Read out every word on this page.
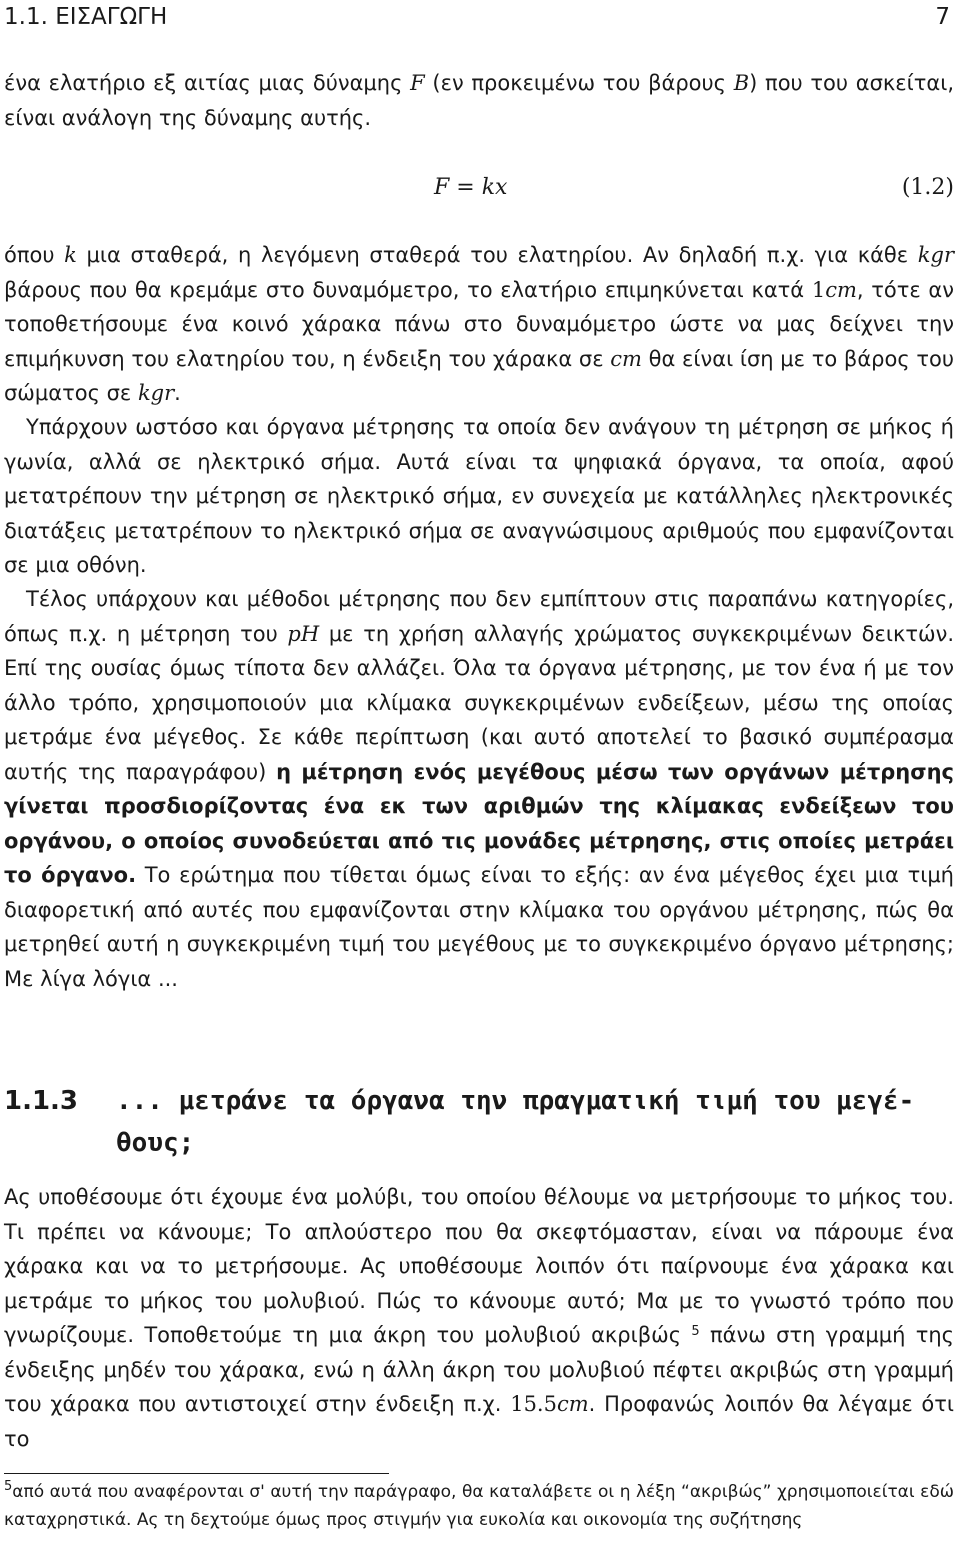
1.1. ΕΙΣΑΓΩΓΗ	7

ένα ελατήριο εξ αιτίας μιας δύναμης F (εν προκειμένω του βάρους B) που του ασκείται, είναι ανάλογη της δύναμης αυτής.

F = kx	(1.2)

όπου k μια σταθερά, η λεγόμενη σταθερά του ελατηρίου. Αν δηλαδή π.χ. για κάθε kgr βάρους που θα κρεμάμε στο δυναμόμετρο, το ελατήριο επιμηκύνεται κατά 1cm, τότε αν τοποθετήσουμε ένα κοινό χάρακα πάνω στο δυναμόμετρο ώστε να μας δείχνει την επιμήκυνση του ελατηρίου του, η ένδειξη του χάρακα σε cm θα είναι ίση με το βάρος του σώματος σε kgr.

Υπάρχουν ωστόσο και όργανα μέτρησης τα οποία δεν ανάγουν τη μέτρηση σε μήκος ή γωνία, αλλά σε ηλεκτρικό σήμα. Αυτά είναι τα ψηφιακά όργανα, τα οποία, αφού μετατρέπουν την μέτρηση σε ηλεκτρικό σήμα, εν συνεχεία με κατάλληλες ηλεκτρονικές διατάξεις μετατρέπουν το ηλεκτρικό σήμα σε αναγνώσιμους αριθμούς που εμφανίζονται σε μια οθόνη.

Τέλος υπάρχουν και μέθοδοι μέτρησης που δεν εμπίπτουν στις παραπάνω κατηγορίες, όπως π.χ. η μέτρηση του pH με τη χρήση αλλαγής χρώματος συγκεκριμένων δεικτών. Επί της ουσίας όμως τίποτα δεν αλλάζει. Όλα τα όργανα μέτρησης, με τον ένα ή με τον άλλο τρόπο, χρησιμοποιούν μια κλίμακα συγκεκριμένων ενδείξεων, μέσω της οποίας μετράμε ένα μέγεθος. Σε κάθε περίπτωση (και αυτό αποτελεί το βασικό συμπέρασμα αυτής της παραγράφου) η μέτρηση ενός μεγέθους μέσω των οργάνων μέτρησης γίνεται προσδιορίζοντας ένα εκ των αριθμών της κλίμακας ενδείξεων του οργάνου, ο οποίος συνοδεύεται από τις μονάδες μέτρησης, στις οποίες μετράει το όργανο. Το ερώτημα που τίθεται όμως είναι το εξής: αν ένα μέγεθος έχει μια τιμή διαφορετική από αυτές που εμφανίζονται στην κλίμακα του οργάνου μέτρησης, πώς θα μετρηθεί αυτή η συγκεκριμένη τιμή του μεγέθους με το συγκεκριμένο όργανο μέτρησης; Με λίγα λόγια ...

1.1.3 ... μετράνε τα όργανα την πραγματική τιμή του μεγέθους;

Ας υποθέσουμε ότι έχουμε ένα μολύβι, του οποίου θέλουμε να μετρήσουμε το μήκος του. Τι πρέπει να κάνουμε; Το απλούστερο που θα σκεφτόμασταν, είναι να πάρουμε ένα χάρακα και να το μετρήσουμε. Ας υποθέσουμε λοιπόν ότι παίρνουμε ένα χάρακα και μετράμε το μήκος του μολυβιού. Πώς το κάνουμε αυτό; Μα με το γνωστό τρόπο που γνωρίζουμε. Τοποθετούμε τη μια άκρη του μολυβιού ακριβώς $^5$ πάνω στη γραμμή της ένδειξης μηδέν του χάρακα, ενώ η άλλη άκρη του μολυβιού πέφτει ακριβώς στη γραμμή του χάρακα που αντιστοιχεί στην ένδειξη π.χ. 15.5cm. Προφανώς λοιπόν θα λέγαμε ότι το

$^5$από αυτά που αναφέρονται σ' αυτή την παράγραφο, θα καταλάβετε οι η λέξη “ακριβώς” χρησιμοποιείται εδώ καταχρηστικά. Ας τη δεχτούμε όμως προς στιγμήν για ευκολία και οικονομία της συζήτησης
